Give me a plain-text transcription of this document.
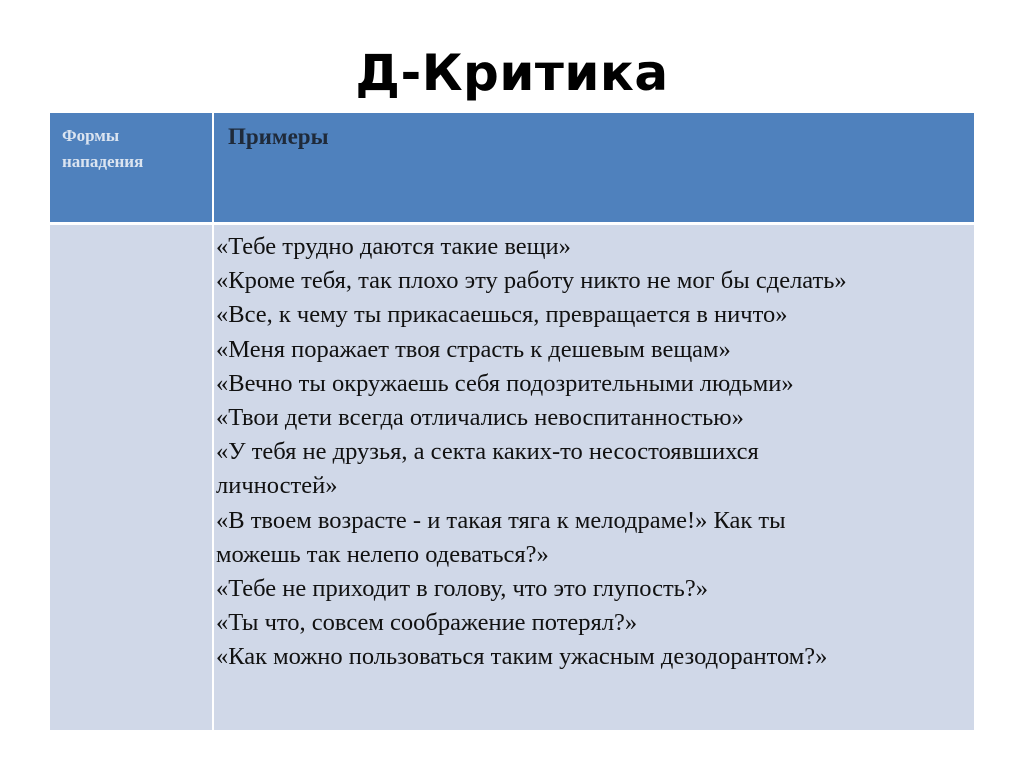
Д-Критика
Формы
нападения
Примеры
«Тебе трудно даются такие вещи»
«Кроме тебя, так плохо эту работу никто не мог бы сделать»
«Все, к чему ты прикасаешься, превращается в ничто»
«Меня поражает твоя страсть к дешевым вещам»
«Вечно ты окружаешь себя подозрительными людьми»
«Твои дети всегда отличались невоспитанностью»
«У тебя не друзья, а секта каких-то несостоявшихся
личностей»
«В твоем возрасте - и такая тяга к мелодраме!» Как ты
можешь так нелепо одеваться?»
«Тебе не приходит в голову, что это глупость?»
«Ты что, совсем соображение потерял?»
«Как можно пользоваться таким ужасным дезодорантом?»
